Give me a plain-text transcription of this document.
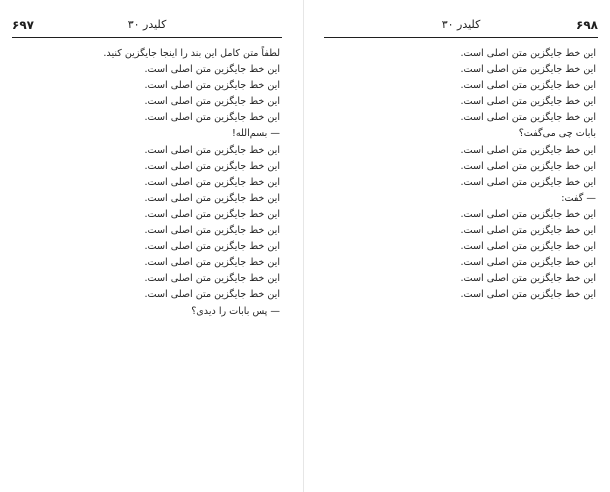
۶۹۷	کلیدر ۳۰

لطفاً متن کامل این بند را اینجا جایگزین کنید.

این خط جایگزین متن اصلی است.

این خط جایگزین متن اصلی است.

این خط جایگزین متن اصلی است.

این خط جایگزین متن اصلی است.

— بسم‌الله!

این خط جایگزین متن اصلی است.

این خط جایگزین متن اصلی است.

این خط جایگزین متن اصلی است.

این خط جایگزین متن اصلی است.

این خط جایگزین متن اصلی است.

این خط جایگزین متن اصلی است.

این خط جایگزین متن اصلی است.

این خط جایگزین متن اصلی است.

این خط جایگزین متن اصلی است.

این خط جایگزین متن اصلی است.

— پس بابات را دیدی؟

۶۹۸
کلیدر ۳۰

این خط جایگزین متن اصلی است.

این خط جایگزین متن اصلی است.

این خط جایگزین متن اصلی است.

این خط جایگزین متن اصلی است.

این خط جایگزین متن اصلی است.

بابات چی می‌گفت؟

این خط جایگزین متن اصلی است.

این خط جایگزین متن اصلی است.

این خط جایگزین متن اصلی است.

— گفت:

این خط جایگزین متن اصلی است.

این خط جایگزین متن اصلی است.

این خط جایگزین متن اصلی است.

این خط جایگزین متن اصلی است.

این خط جایگزین متن اصلی است.

این خط جایگزین متن اصلی است.
